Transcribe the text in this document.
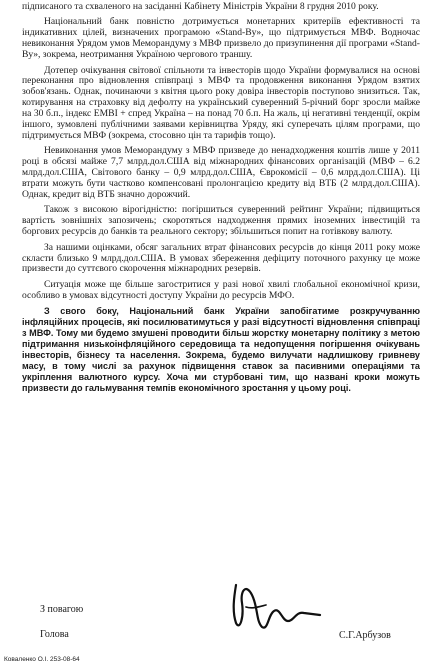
підписаного та схваленого на засіданні Кабінету Міністрів України 8 грудня 2010 року.

Національний банк повністю дотримується монетарних критеріїв ефективності та індикативних цілей, визначених програмою «Stand-By», що підтримується МВФ. Водночас невиконання Урядом умов Меморандуму з МВФ призвело до призупинення дії програми «Stand-By», зокрема, неотримання Україною чергового траншу.

Дотепер очікування світової спільноти та інвесторів щодо України формувалися на основі переконання про відновлення співпраці з МВФ та продовження виконання Урядом взятих зобов'язань. Однак, починаючи з квітня цього року довіра інвесторів поступово знизиться. Так, котирування на страховку від дефолту на український суверенний 5-річний борг зросли майже на 30 б.п., індекс EMBI + спред Україна – на понад 70 б.п. На жаль, ці негативні тенденції, окрім іншого, зумовлені публічними заявами керівництва Уряду, які суперечать цілям програми, що підтримується МВФ (зокрема, стосовно цін та тарифів тощо).

Невиконання умов Меморандуму з МВФ призведе до ненадходження коштів лише у 2011 році в обсязі майже 7,7 млрд.дол.США від міжнародних фінансових організацій (МВФ – 6.2 млрд.дол.США, Світового банку – 0,9 млрд.дол.США, Єврокомісії – 0,6 млрд.дол.США). Ці втрати можуть бути частково компенсовані пролонгацією кредиту від ВТБ (2 млрд.дол.США). Однак, кредит від ВТБ значно дорожчий.

Також з високою вірогідністю: погіршиться суверенний рейтинг України; підвищиться вартість зовнішніх запозичень; скоротяться надходження прямих іноземних інвестицій та боргових ресурсів до банків та реального сектору; збільшиться попит на готівкову валюту.

За нашими оцінками, обсяг загальних втрат фінансових ресурсів до кінця 2011 року може скласти близько 9 млрд.дол.США. В умовах збереження дефіциту поточного рахунку це може призвести до суттєвого скорочення міжнародних резервів.

Ситуація може ще більше загостритися у разі нової хвилі глобальної економічної кризи, особливо в умовах відсутності доступу України до ресурсів МФО.

З свого боку, Національний банк України запобігатиме розкручуванню інфляційних процесів, які посилюватимуться у разі відсутності відновлення співпраці з МВФ. Тому ми будемо змушені проводити більш жорстку монетарну політику з метою підтримання низькоінфляційного середовища та недопущення погіршення очікувань інвесторів, бізнесу та населення. Зокрема, будемо вилучати надлишкову гривневу масу, в тому числі за рахунок підвищення ставок за пасивними операціями та укріплення валютного курсу. Хоча ми стурбовані тим, що названі кроки можуть призвести до гальмування темпів економічного зростання у цьому році.

З повагою
Голова	С.Г.Арбузов
Коваленко О.І. 253-08-64
